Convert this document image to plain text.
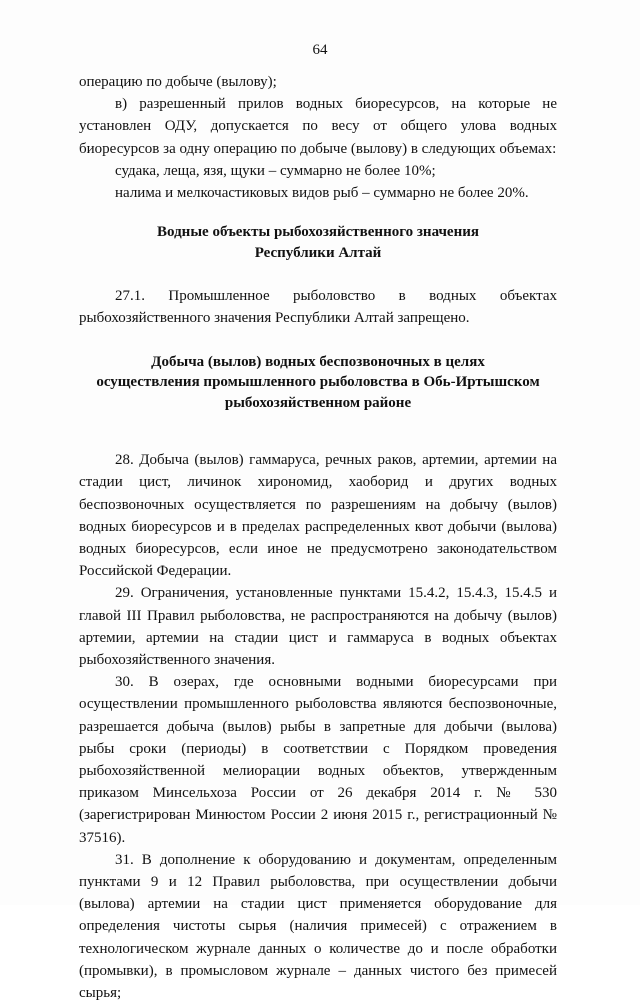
64

операцию по добыче (вылову);

в) разрешенный прилов водных биоресурсов, на которые не установлен ОДУ, допускается по весу от общего улова водных биоресурсов за одну операцию по добыче (вылову) в следующих объемах:

судака, леща, язя, щуки – суммарно не более 10%;

налима и мелкочастиковых видов рыб – суммарно не более 20%.

Водные объекты рыбохозяйственного значения

Республики Алтай

27.1. Промышленное рыболовство в водных объектах рыбохозяйственного значения Республики Алтай запрещено.

Добыча (вылов) водных беспозвоночных в целях

осуществления промышленного рыболовства в Обь-Иртышском

рыбохозяйственном районе

28. Добыча (вылов) гаммаруса, речных раков, артемии, артемии на стадии цист, личинок хирономид, хаоборид и других водных беспозвоночных осуществляется по разрешениям на добычу (вылов) водных биоресурсов и в пределах распределенных квот добычи (вылова) водных биоресурсов, если иное не предусмотрено законодательством Российской Федерации.

29. Ограничения, установленные пунктами 15.4.2, 15.4.3, 15.4.5 и главой III Правил рыболовства, не распространяются на добычу (вылов) артемии, артемии на стадии цист и гаммаруса в водных объектах рыбохозяйственного значения.

30. В озерах, где основными водными биоресурсами при осуществлении промышленного рыболовства являются беспозвоночные, разрешается добыча (вылов) рыбы в запретные для добычи (вылова) рыбы сроки (периоды) в соответствии с Порядком проведения рыбохозяйственной мелиорации водных объектов, утвержденным приказом Минсельхоза России от 26 декабря 2014 г. № 530 (зарегистрирован Минюстом России 2 июня 2015 г., регистрационный № 37516).

31. В дополнение к оборудованию и документам, определенным пунктами 9 и 12 Правил рыболовства, при осуществлении добычи (вылова) артемии на стадии цист применяется оборудование для определения чистоты сырья (наличия примесей) с отражением в технологическом журнале данных о количестве до и после обработки (промывки), в промысловом журнале – данных чистого без примесей сырья;
